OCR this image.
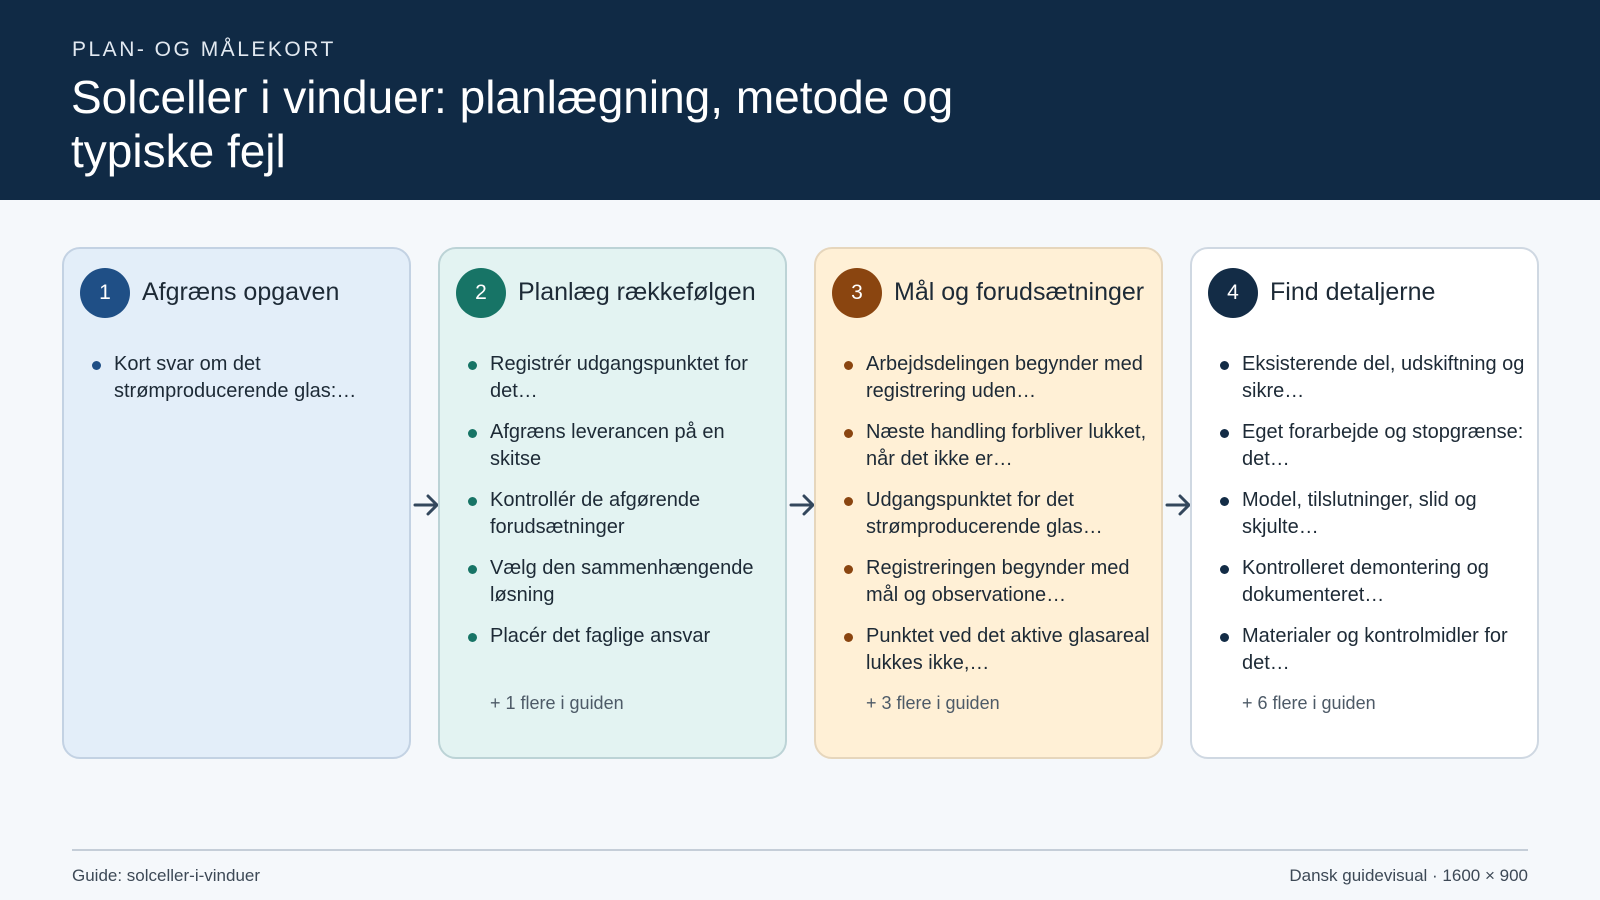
PLAN- OG MÅLEKORT
Solceller i vinduer: planlægning, metode og typiske fejl
1	Afgræns opgaven
Kort svar om det strømproducerende glas:…
2	Planlæg rækkefølgen
Registrér udgangspunktet for det…
Afgræns leverancen på en skitse
Kontrollér de afgørende forudsætninger
Vælg den sammenhængende løsning
Placér det faglige ansvar
+ 1 flere i guiden
3	Mål og forudsætninger
Arbejdsdelingen begynder med registrering uden…
Næste handling forbliver lukket, når det ikke er…
Udgangspunktet for det strømproducerende glas…
Registreringen begynder med mål og observatione…
Punktet ved det aktive glasareal lukkes ikke,…
+ 3 flere i guiden
4	Find detaljerne
Eksisterende del, udskiftning og sikre…
Eget forarbejde og stopgrænse: det…
Model, tilslutninger, slid og skjulte…
Kontrolleret demontering og dokumenteret…
Materialer og kontrolmidler for det…
+ 6 flere i guiden
Guide: solceller-i-vinduer	Dansk guidevisual · 1600 × 900
